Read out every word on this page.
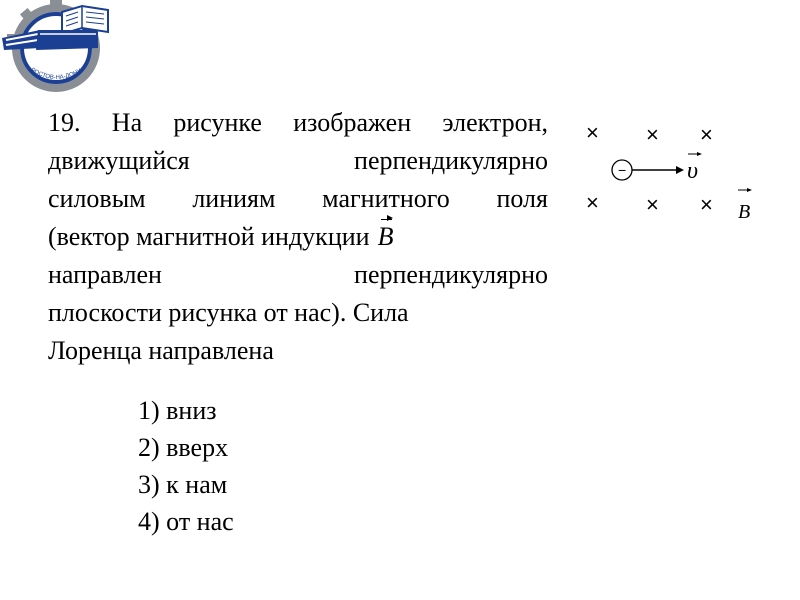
РОСТОВ-НА-ДОНУ
U
РГУПС
19. На рисунке изображен электрон,
движущийся перпендикулярно
силовым линиям магнитного поля
(вектор магнитной индукции B
направлен перпендикулярно
плоскости рисунка от нас). Сила
Лоренца направлена
× × ×
× × ×
−	υ
B
1) вниз
2) вверх
3) к нам
4) от нас
